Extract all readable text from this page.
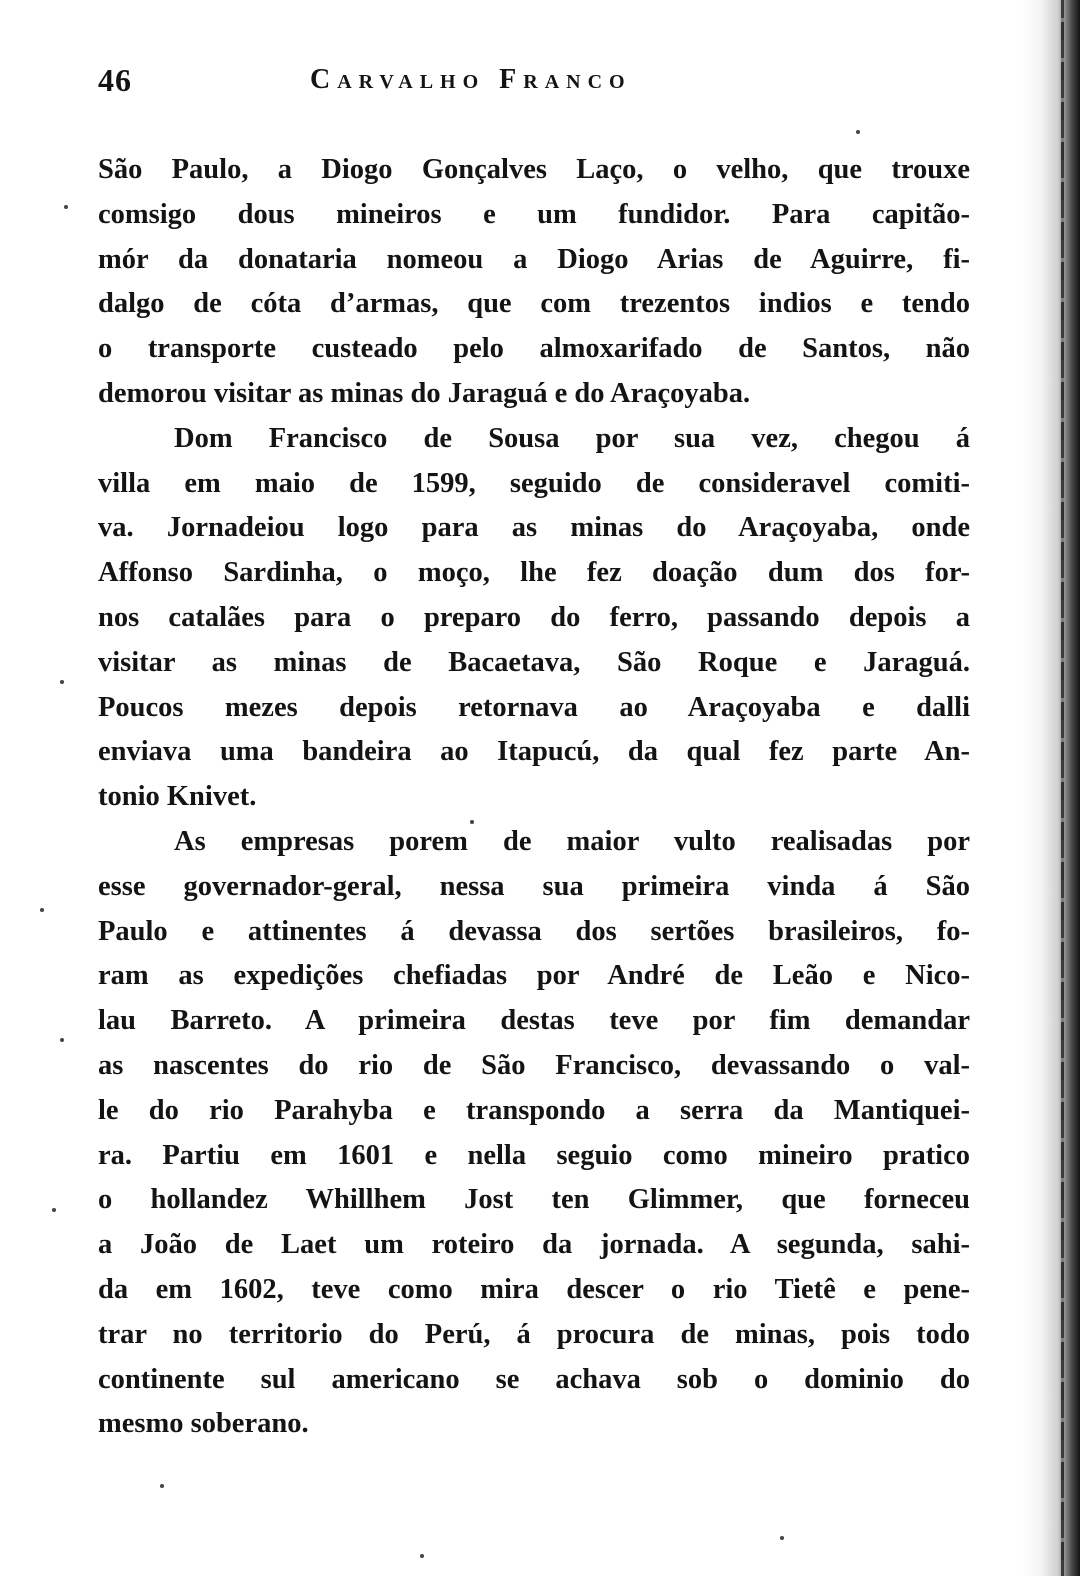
46	Carvalho Franco
São Paulo, a Diogo Gonçalves Laço, o velho, que trouxe
comsigo dous mineiros e um fundidor. Para capitão-
mór da donataria nomeou a Diogo Arias de Aguirre, fi-
dalgo de cóta d’armas, que com trezentos indios e tendo
o transporte custeado pelo almoxarifado de Santos, não
demorou visitar as minas do Jaraguá e do Araçoyaba.
Dom Francisco de Sousa por sua vez, chegou á
villa em maio de 1599, seguido de consideravel comiti-
va. Jornadeiou logo para as minas do Araçoyaba, onde
Affonso Sardinha, o moço, lhe fez doação dum dos for-
nos catalães para o preparo do ferro, passando depois a
visitar as minas de Bacaetava, São Roque e Jaraguá.
Poucos mezes depois retornava ao Araçoyaba e dalli
enviava uma bandeira ao Itapucú, da qual fez parte An-
tonio Knivet.
As empresas porem de maior vulto realisadas por
esse governador-geral, nessa sua primeira vinda á São
Paulo e attinentes á devassa dos sertões brasileiros, fo-
ram as expedições chefiadas por André de Leão e Nico-
lau Barreto. A primeira destas teve por fim demandar
as nascentes do rio de São Francisco, devassando o val-
le do rio Parahyba e transpondo a serra da Mantiquei-
ra. Partiu em 1601 e nella seguio como mineiro pratico
o hollandez Whillhem Jost ten Glimmer, que forneceu
a João de Laet um roteiro da jornada. A segunda, sahi-
da em 1602, teve como mira descer o rio Tietê e pene-
trar no territorio do Perú, á procura de minas, pois todo
continente sul americano se achava sob o dominio do
mesmo soberano.
